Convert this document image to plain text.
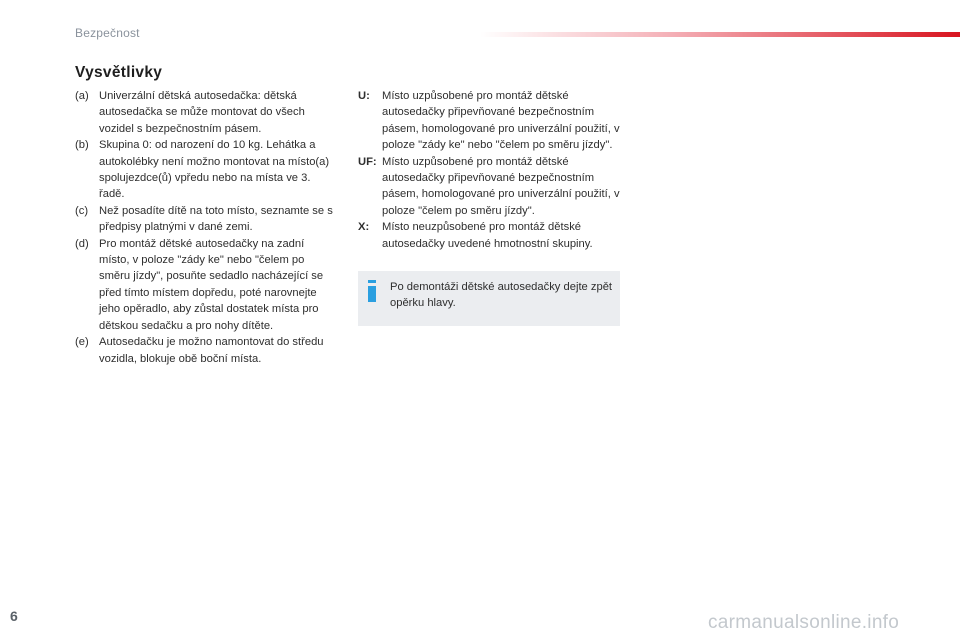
Bezpečnost
Vysvětlivky
(a) Univerzální dětská autosedačka: dětská autosedačka se může montovat do všech vozidel s bezpečnostním pásem.
(b) Skupina 0: od narození do 10 kg. Lehátka a autokolébky není možno montovat na místo(a) spolujezdce(ů) vpředu nebo na místa ve 3. řadě.
(c) Než posadíte dítě na toto místo, seznamte se s předpisy platnými v dané zemi.
(d) Pro montáž dětské autosedačky na zadní místo, v poloze "zády ke" nebo "čelem po směru jízdy", posuňte sedadlo nacházející se před tímto místem dopředu, poté narovnejte jeho opěradlo, aby zůstal dostatek místa pro dětskou sedačku a pro nohy dítěte.
(e) Autosedačku je možno namontovat do středu vozidla, blokuje obě boční místa.
U: Místo uzpůsobené pro montáž dětské autosedačky připevňované bezpečnostním pásem, homologované pro univerzální použití, v poloze "zády ke" nebo "čelem po směru jízdy".
UF: Místo uzpůsobené pro montáž dětské autosedačky připevňované bezpečnostním pásem, homologované pro univerzální použití, v poloze "čelem po směru jízdy".
X: Místo neuzpůsobené pro montáž dětské autosedačky uvedené hmotnostní skupiny.
Po demontáži dětské autosedačky dejte zpět opěrku hlavy.
6	carmanualsonline.info
